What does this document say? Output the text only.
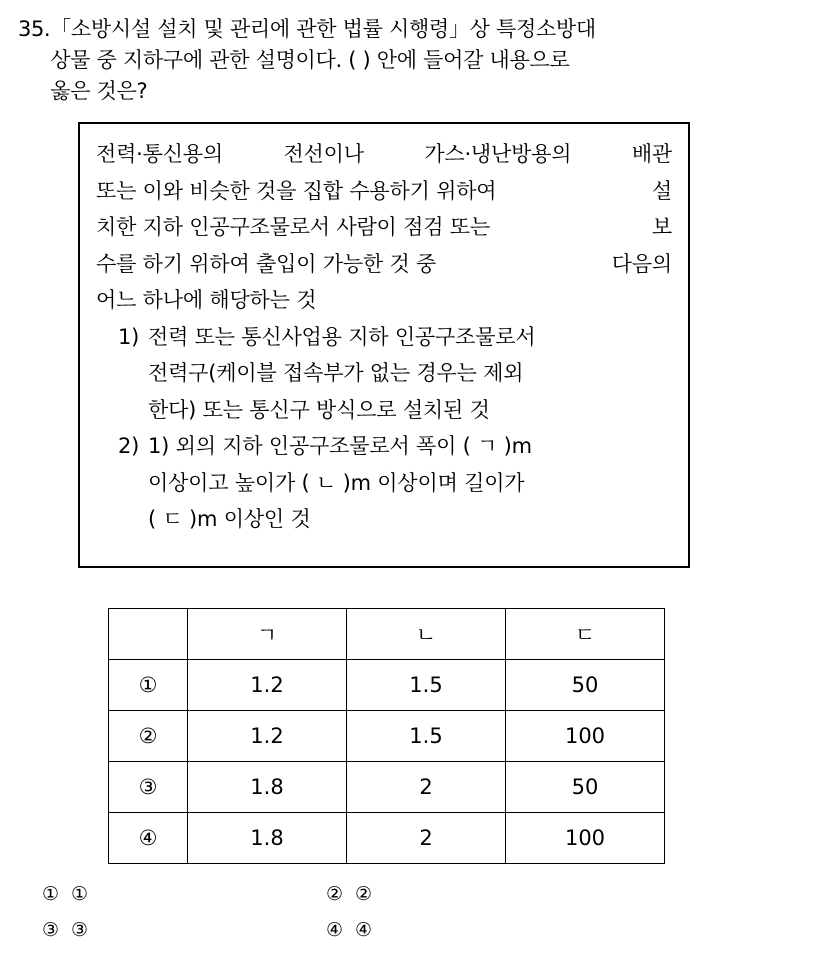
35. 「소방시설 설치 및 관리에 관한 법률 시행령」상 특정소방대
상물 중 지하구에 관한 설명이다. ( ) 안에 들어갈 내용으로
옳은 것은?
전력·통신용의	전선이나	가스·냉난방용의	배관
또는 이와 비슷한 것을 집합 수용하기 위하여	설
치한 지하 인공구조물로서 사람이 점검 또는	보
수를 하기 위하여 출입이 가능한 것 중	다음의
어느 하나에 해당하는 것
1) 전력 또는 통신사업용 지하 인공구조물로서
전력구(케이블 접속부가 없는 경우는 제외
한다) 또는 통신구 방식으로 설치된 것
2) 1) 외의 지하 인공구조물로서 폭이 ( ㄱ )m
이상이고 높이가 ( ㄴ )m 이상이며 길이가
( ㄷ )m 이상인 것
	ㄱ	ㄴ	ㄷ
①	1.2	1.5	50
②	1.2	1.5	100
③	1.8	2	50
④	1.8	2	100
① ①	② ②
③ ③	④ ④
